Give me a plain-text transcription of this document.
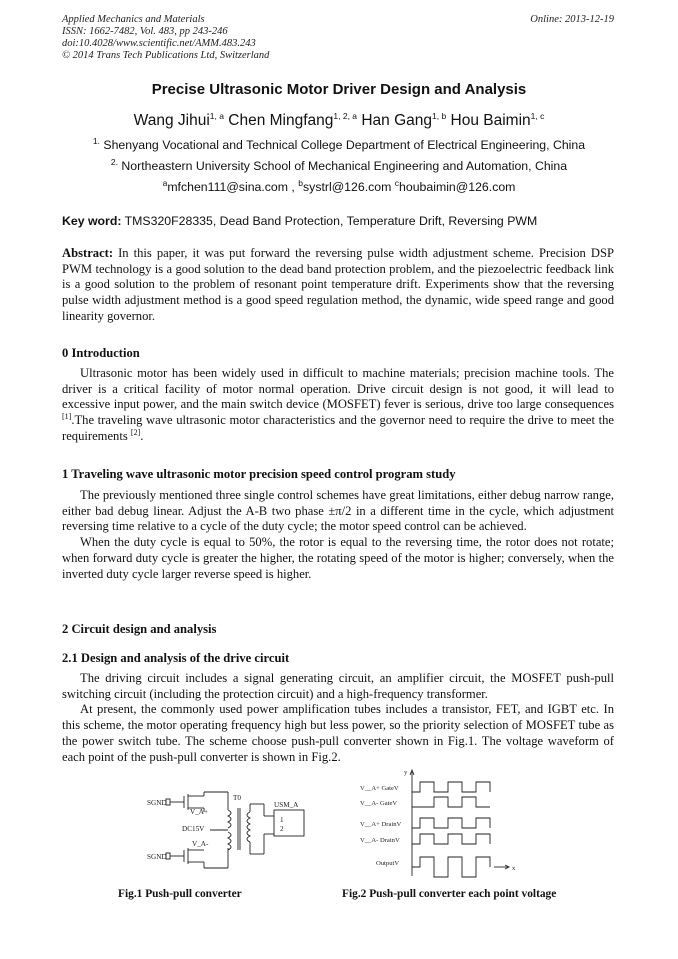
Applied Mechanics and Materials
ISSN: 1662-7482, Vol. 483, pp 243-246
doi:10.4028/www.scientific.net/AMM.483.243
© 2014 Trans Tech Publications Ltd, Switzerland
Online: 2013-12-19
Precise Ultrasonic Motor Driver Design and Analysis
Wang Jihui$^{1, a}$ Chen Mingfang$^{1, 2, a}$ Han Gang$^{1, b}$ Hou Baimin$^{1, c}$
$^{1.}$ Shenyang Vocational and Technical College Department of Electrical Engineering, China
$^{2.}$ Northeastern University School of Mechanical Engineering and Automation, China
$^a$mfchen111@sina.com , $^b$systrl@126.com $^c$houbaimin@126.com
Key word: TMS320F28335, Dead Band Protection, Temperature Drift, Reversing PWM

Abstract: In this paper, it was put forward the reversing pulse width adjustment scheme. Precision DSP PWM technology is a good solution to the dead band protection problem, and the piezoelectric feedback link is a good solution to the problem of resonant point temperature drift. Experiments show that the reversing pulse width adjustment method is a good speed regulation method, the dynamic, wide speed range and good linearity governor.

0 Introduction

Ultrasonic motor has been widely used in difficult to machine materials; precision machine tools. The driver is a critical facility of motor normal operation. Drive circuit design is not good, it will lead to excessive input power, and the main switch device (MOSFET) fever is serious, drive too large consequences [1].The traveling wave ultrasonic motor characteristics and the governor need to require the drive to meet the requirements [2].

1 Traveling wave ultrasonic motor precision speed control program study

The previously mentioned three single control schemes have great limitations, either debug narrow range, either bad debug linear. Adjust the A-B two phase ±π/2 in a different time in the cycle, which adjustment reversing time relative to a cycle of the duty cycle; the motor speed control can be achieved.

When the duty cycle is equal to 50%, the rotor is equal to the reversing time, the rotor does not rotate; when forward duty cycle is greater the higher, the rotating speed of the motor is higher; conversely, when the inverted duty cycle larger reverse speed is higher.

2 Circuit design and analysis
2.1 Design and analysis of the drive circuit

The driving circuit includes a signal generating circuit, an amplifier circuit, the MOSFET push-pull switching circuit (including the protection circuit) and a high-frequency transformer.

At present, the commonly used power amplification tubes includes a transistor, FET, and IGBT etc. In this scheme, the motor operating frequency high but less power, so the priority selection of MOSFET tube as the power switch tube. The scheme choose push-pull converter shown in Fig.1. The voltage waveform of each point of the push-pull converter is shown in Fig.2.

SGND
SGND
V_A+
V_A-
DC15V
T0
USM_A
1
2
Fig.1 Push-pull converter
y
x
V__A+ GateV
V__A- GateV
V__A+ DrainV
V__A- DrainV
OutputV
Fig.2 Push-pull converter each point voltage
